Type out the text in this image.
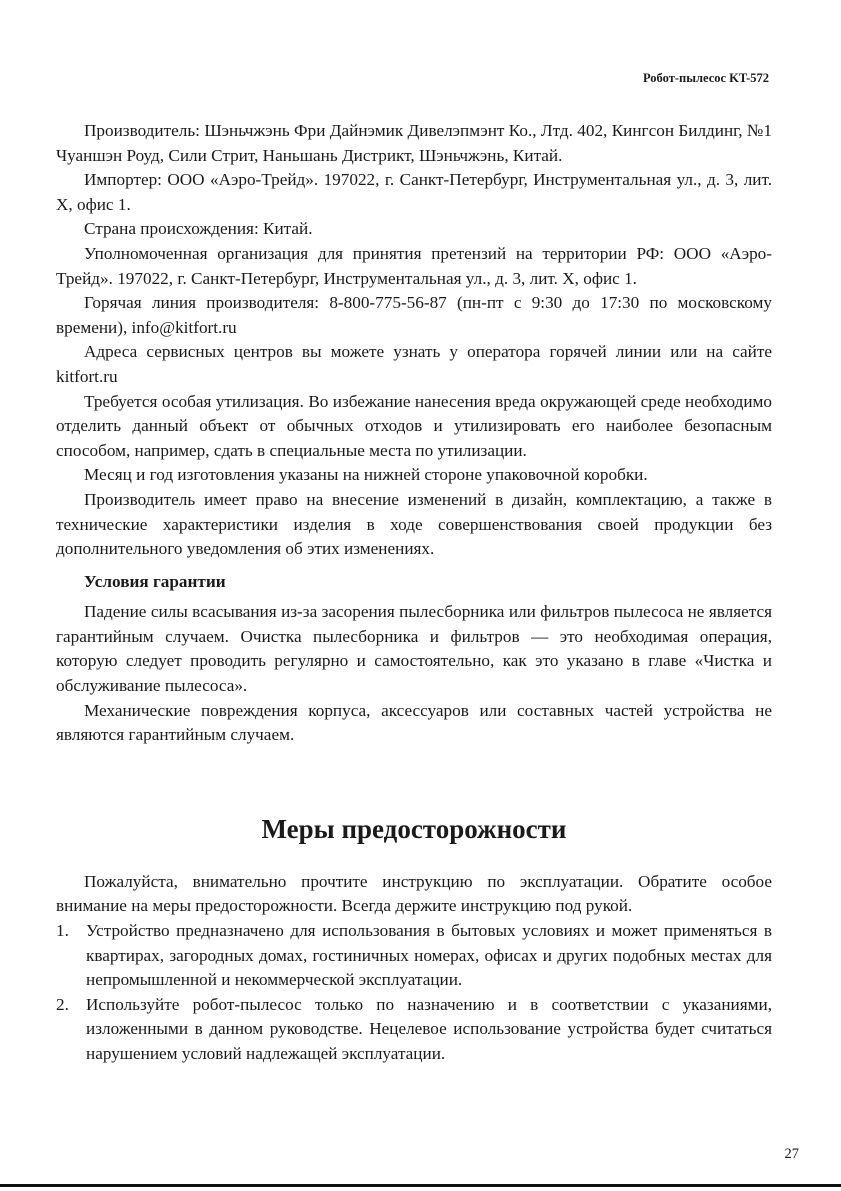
Робот-пылесос KT-572

Производитель: Шэньчжэнь Фри Дайнэмик Дивелэпмэнт Ко., Лтд. 402, Кингсон Билдинг, №1 Чуаншэн Роуд, Сили Стрит, Наньшань Дистрикт, Шэньчжэнь, Китай.

Импортер: ООО «Аэро-Трейд». 197022, г. Санкт-Петербург, Инструментальная ул., д. 3, лит. Х, офис 1.

Страна происхождения: Китай.

Уполномоченная организация для принятия претензий на территории РФ: ООО «Аэро-Трейд». 197022, г. Санкт-Петербург, Инструментальная ул., д. 3, лит. Х, офис 1.

Горячая линия производителя: 8-800-775-56-87 (пн-пт с 9:30 до 17:30 по московскому времени), info@kitfort.ru

Адреса сервисных центров вы можете узнать у оператора горячей линии или на сайте kitfort.ru

Требуется особая утилизация. Во избежание нанесения вреда окружающей среде необходимо отделить данный объект от обычных отходов и утилизировать его наиболее безопасным способом, например, сдать в специальные места по утилизации.

Месяц и год изготовления указаны на нижней стороне упаковочной коробки.

Производитель имеет право на внесение изменений в дизайн, комплектацию, а также в технические характеристики изделия в ходе совершенствования своей продукции без дополнительного уведомления об этих изменениях.

Условия гарантии

Падение силы всасывания из-за засорения пылесборника или фильтров пылесоса не является гарантийным случаем. Очистка пылесборника и фильтров — это необходимая операция, которую следует проводить регулярно и самостоятельно, как это указано в главе «Чистка и обслуживание пылесоса».

Механические повреждения корпуса, аксессуаров или составных частей устройства не являются гарантийным случаем.

Меры предосторожности

Пожалуйста, внимательно прочтите инструкцию по эксплуатации. Обратите особое внимание на меры предосторожности. Всегда держите инструкцию под рукой.

1. Устройство предназначено для использования в бытовых условиях и может применяться в квартирах, загородных домах, гостиничных номерах, офисах и других подобных местах для непромышленной и некоммерческой эксплуатации.
2. Используйте робот-пылесос только по назначению и в соответствии с указаниями, изложенными в данном руководстве. Нецелевое использование устройства будет считаться нарушением условий надлежащей эксплуатации.
27
